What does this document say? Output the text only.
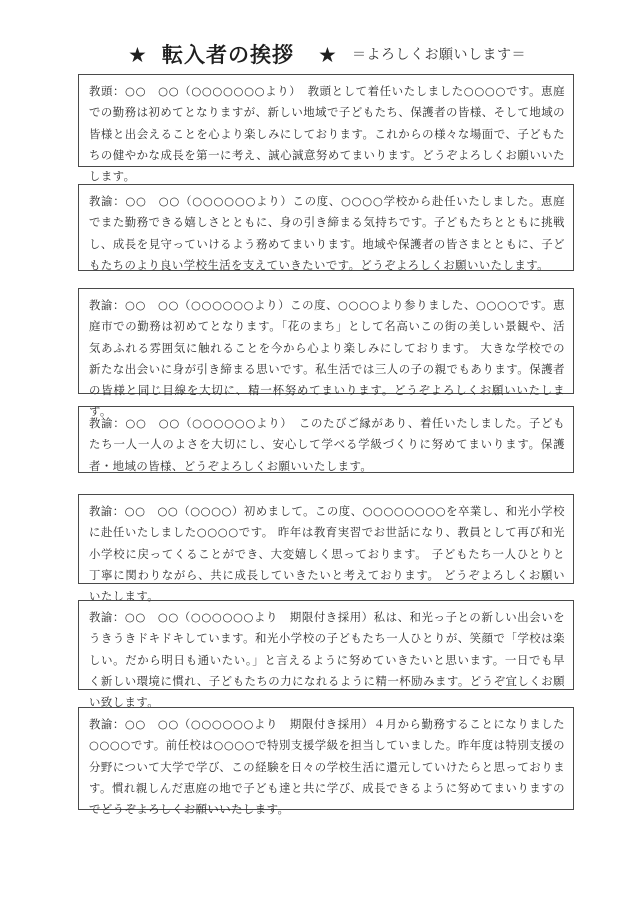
★ 転入者の挨拶 ★ ＝よろしくお願いします＝

教頭：○○　○○（○○○○○○○より）　教頭として着任いたしました○○○○です。恵庭での勤務は初めてとなりますが、新しい地域で子どもたち、保護者の皆様、そして地域の皆様と出会えることを心より楽しみにしております。これからの様々な場面で、子どもたちの健やかな成長を第一に考え、誠心誠意努めてまいります。どうぞよろしくお願いいたします。

教諭：○○　○○（○○○○○○より）この度、○○○○学校から赴任いたしました。恵庭でまた勤務できる嬉しさとともに、身の引き締まる気持ちです。子どもたちとともに挑戦し、成長を見守っていけるよう務めてまいります。地域や保護者の皆さまとともに、子どもたちのより良い学校生活を支えていきたいです。どうぞよろしくお願いいたします。

教諭：○○　○○（○○○○○○より）この度、○○○○より参りました、○○○○です。恵庭市での勤務は初めてとなります。「花のまち」として名高いこの街の美しい景観や、活気あふれる雰囲気に触れることを今から心より楽しみにしております。 大きな学校での新たな出会いに身が引き締まる思いです。私生活では三人の子の親でもあります。保護者の皆様と同じ目線を大切に、精一杯努めてまいります。どうぞよろしくお願いいたします。

教諭：○○　○○（○○○○○○より）　このたびご縁があり、着任いたしました。子どもたち一人一人のよさを大切にし、安心して学べる学級づくりに努めてまいります。保護者・地域の皆様、どうぞよろしくお願いいたします。

教諭：○○　○○（○○○○）初めまして。この度、○○○○○○○○を卒業し、和光小学校に赴任いたしました○○○○です。 昨年は教育実習でお世話になり、教員として再び和光小学校に戻ってくることができ、大変嬉しく思っております。 子どもたち一人ひとりと丁寧に関わりながら、共に成長していきたいと考えております。 どうぞよろしくお願いいたします。

教諭：○○　○○（○○○○○○より　期限付き採用）私は、和光っ子との新しい出会いをうきうきドキドキしています。和光小学校の子どもたち一人ひとりが、笑顔で「学校は楽しい。だから明日も通いたい。」と言えるように努めていきたいと思います。一日でも早く新しい環境に慣れ、子どもたちの力になれるように精一杯励みます。どうぞ宜しくお願い致します。

教諭：○○　○○（○○○○○○より　期限付き採用）４月から勤務することになりました○○○○です。前任校は○○○○で特別支援学級を担当していました。昨年度は特別支援の分野について大学で学び、この経験を日々の学校生活に還元していけたらと思っております。慣れ親しんだ恵庭の地で子ども達と共に学び、成長できるように努めてまいりますのでどうぞよろしくお願いいたします。
